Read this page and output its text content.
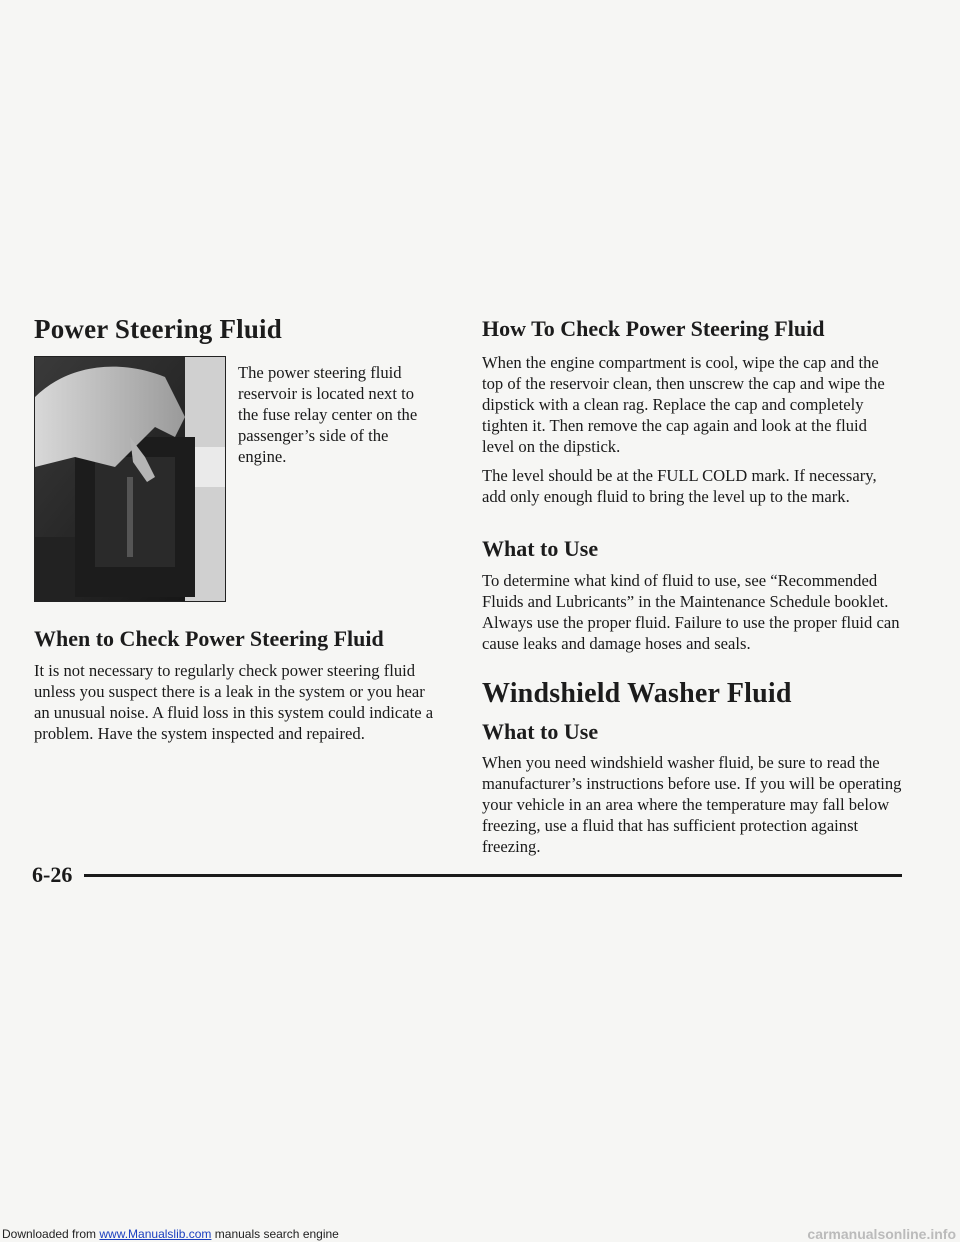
Power Steering Fluid

The power steering fluid reservoir is located next to the fuse relay center on the passenger’s side of the engine.

When to Check Power Steering Fluid

It is not necessary to regularly check power steering fluid unless you suspect there is a leak in the system or you hear an unusual noise. A fluid loss in this system could indicate a problem. Have the system inspected and repaired.

How To Check Power Steering Fluid

When the engine compartment is cool, wipe the cap and the top of the reservoir clean, then unscrew the cap and wipe the dipstick with a clean rag. Replace the cap and completely tighten it. Then remove the cap again and look at the fluid level on the dipstick.

The level should be at the FULL COLD mark. If necessary, add only enough fluid to bring the level up to the mark.

What to Use

To determine what kind of fluid to use, see “Recommended Fluids and Lubricants” in the Maintenance Schedule booklet. Always use the proper fluid. Failure to use the proper fluid can cause leaks and damage hoses and seals.

Windshield Washer Fluid
What to Use

When you need windshield washer fluid, be sure to read the manufacturer’s instructions before use. If you will be operating your vehicle in an area where the temperature may fall below freezing, use a fluid that has sufficient protection against freezing.

6-26
Downloaded from www.Manualslib.com manuals search engine	carmanualsonline.info
